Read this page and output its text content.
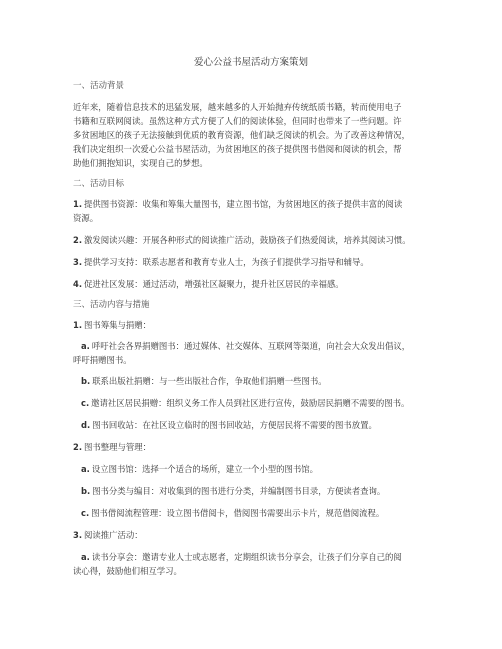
爱心公益书屋活动方案策划
一、活动背景
近年来，随着信息技术的迅猛发展，越来越多的人开始抛弃传统纸质书籍，转而使用电子
书籍和互联网阅读。虽然这种方式方便了人们的阅读体验，但同时也带来了一些问题。许
多贫困地区的孩子无法接触到优质的教育资源，他们缺乏阅读的机会。为了改善这种情况，
我们决定组织一次爱心公益书屋活动，为贫困地区的孩子提供图书借阅和阅读的机会，帮
助他们拥抱知识，实现自己的梦想。
二、活动目标
1. 提供图书资源：收集和筹集大量图书，建立图书馆，为贫困地区的孩子提供丰富的阅读
资源。
2. 激发阅读兴趣：开展各种形式的阅读推广活动，鼓励孩子们热爱阅读，培养其阅读习惯。
3. 提供学习支持：联系志愿者和教育专业人士，为孩子们提供学习指导和辅导。
4. 促进社区发展：通过活动，增强社区凝聚力，提升社区居民的幸福感。
三、活动内容与措施
1. 图书筹集与捐赠：
a. 呼吁社会各界捐赠图书：通过媒体、社交媒体、互联网等渠道，向社会大众发出倡议，
呼吁捐赠图书。
b. 联系出版社捐赠：与一些出版社合作，争取他们捐赠一些图书。
c. 邀请社区居民捐赠：组织义务工作人员到社区进行宣传，鼓励居民捐赠不需要的图书。
d. 图书回收站：在社区设立临时的图书回收站，方便居民将不需要的图书放置。
2. 图书整理与管理：
a. 设立图书馆：选择一个适合的场所，建立一个小型的图书馆。
b. 图书分类与编目：对收集到的图书进行分类，并编制图书目录，方便读者查询。
c. 图书借阅流程管理：设立图书借阅卡，借阅图书需要出示卡片，规范借阅流程。
3. 阅读推广活动：
a. 读书分享会：邀请专业人士或志愿者，定期组织读书分享会，让孩子们分享自己的阅
读心得，鼓励他们相互学习。
